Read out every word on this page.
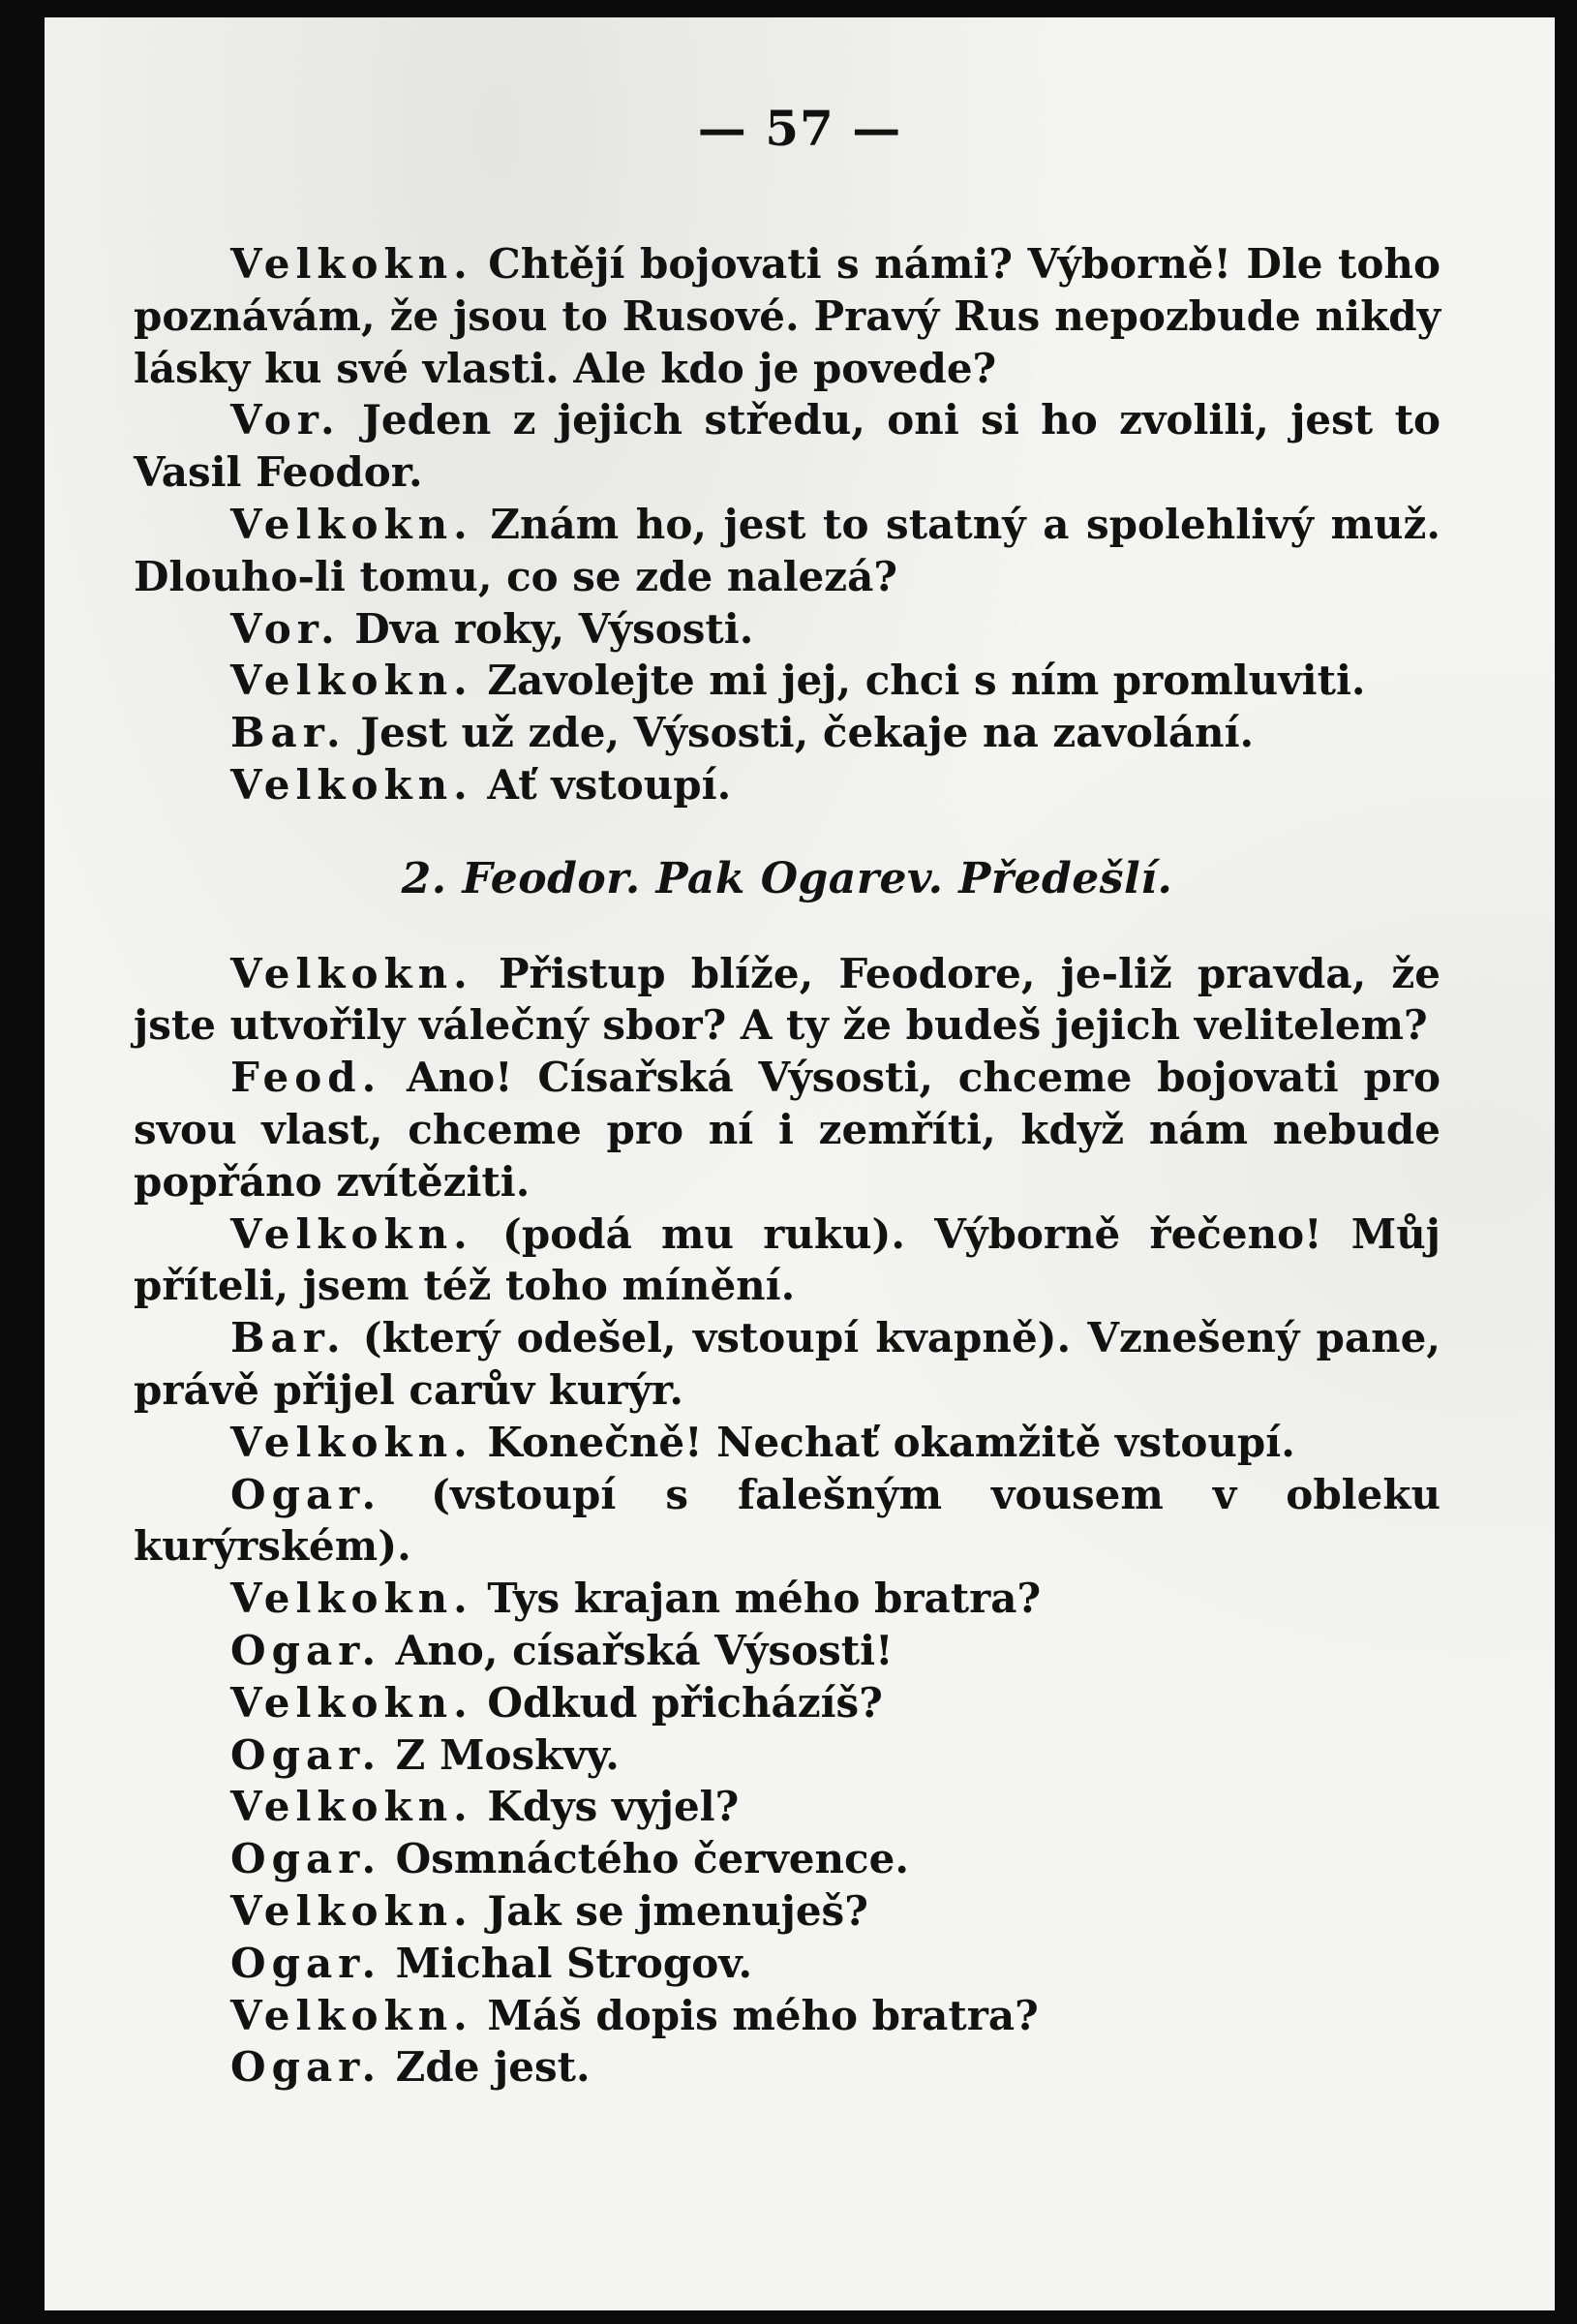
— 57 —

Velkokn. Chtějí bojovati s námi? Výborně! Dle toho poznávám, že jsou to Rusové. Pravý Rus nepozbude nikdy lásky ku své vlasti. Ale kdo je povede?

Vor. Jeden z jejich středu, oni si ho zvolili, jest to Vasil Feodor.

Velkokn. Znám ho, jest to statný a spolehlivý muž. Dlouho-li tomu, co se zde nalezá?

Vor. Dva roky, Výsosti.

Velkokn. Zavolejte mi jej, chci s ním promluviti.

Bar. Jest už zde, Výsosti, čekaje na zavolání.

Velkokn. Ať vstoupí.

2. Feodor. Pak Ogarev. Předešlí.

Velkokn. Přistup blíže, Feodore, je-liž pravda, že jste utvořily válečný sbor? A ty že budeš jejich velitelem?

Feod. Ano! Císařská Výsosti, chceme bojovati pro svou vlast, chceme pro ní i zemříti, když nám nebude popřáno zvítěziti.

Velkokn. (podá mu ruku). Výborně řečeno! Můj příteli, jsem též toho mínění.

Bar. (který odešel, vstoupí kvapně). Vznešený pane, právě přijel carův kurýr.

Velkokn. Konečně! Nechať okamžitě vstoupí.

Ogar. (vstoupí s falešným vousem v obleku kurýrském).

Velkokn. Tys krajan mého bratra?

Ogar. Ano, císařská Výsosti!

Velkokn. Odkud přicházíš?

Ogar. Z Moskvy.

Velkokn. Kdys vyjel?

Ogar. Osmnáctého července.

Velkokn. Jak se jmenuješ?

Ogar. Michal Strogov.

Velkokn. Máš dopis mého bratra?

Ogar. Zde jest.
